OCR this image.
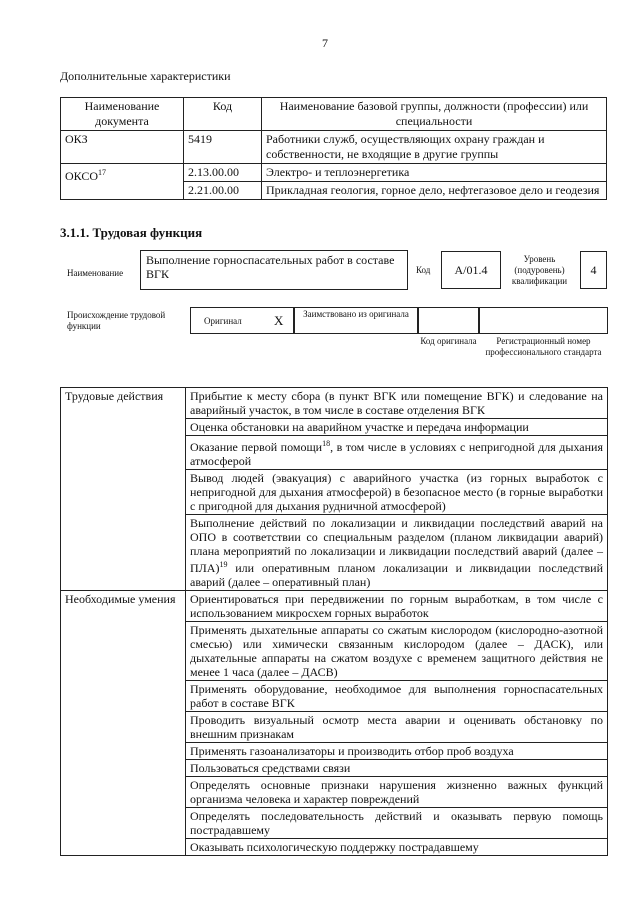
7
Дополнительные характеристики
Наименование документа	Код	Наименование базовой группы, должности (профессии) или специальности
ОКЗ	5419	Работники служб, осуществляющих охрану граждан и собственности, не входящие в другие группы
ОКСО$^{17}$	2.13.00.00	Электро- и теплоэнергетика
	2.21.00.00	Прикладная геология, горное дело, нефтегазовое дело и геодезия
3.1.1. Трудовая функция
Наименование
Выполнение горноспасательных работ в составе ВГК	Код	А/01.4
Уровень (подуровень) квалификации
4
Происхождение трудовой функции	Оригинал X	Заимствовано из оригинала
Код оригинала	Регистрационный номер профессионального стандарта
Трудовые действия	Прибытие к месту сбора (в пункт ВГК или помещение ВГК) и следование на аварийный участок, в том числе в составе отделения ВГК
	Оценка обстановки на аварийном участке и передача информации
	Оказание первой помощи$^{18}$, в том числе в условиях с непригодной для дыхания атмосферой
	Вывод людей (эвакуация) с аварийного участка (из горных выработок с непригодной для дыхания атмосферой) в безопасное место (в горные выработки с пригодной для дыхания рудничной атмосферой)
	Выполнение действий по локализации и ликвидации последствий аварий на ОПО в соответствии со специальным разделом (планом ликвидации аварий) плана мероприятий по локализации и ликвидации последствий аварий (далее – ПЛА)$^{19}$ или оперативным планом локализации и ликвидации последствий аварий (далее – оперативный план)
Необходимые умения	Ориентироваться при передвижении по горным выработкам, в том числе с использованием микросхем горных выработок
	Применять дыхательные аппараты со сжатым кислородом (кислородно-азотной смесью) или химически связанным кислородом (далее – ДАСК), или дыхательные аппараты на сжатом воздухе с временем защитного действия не менее 1 часа (далее – ДАСВ)
	Применять оборудование, необходимое для выполнения горноспасательных работ в составе ВГК
	Проводить визуальный осмотр места аварии и оценивать обстановку по внешним признакам
	Применять газоанализаторы и производить отбор проб воздуха
	Пользоваться средствами связи
	Определять основные признаки нарушения жизненно важных функций организма человека и характер повреждений
	Определять последовательность действий и оказывать первую помощь пострадавшему
	Оказывать психологическую поддержку пострадавшему
